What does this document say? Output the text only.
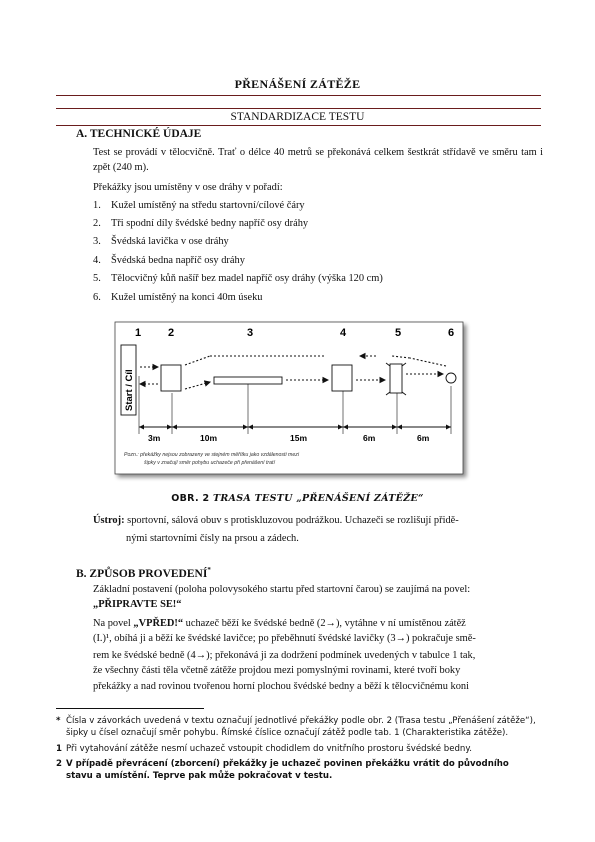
PŘENÁŠENÍ ZÁTĚŽE
STANDARDIZACE TESTU
A. TECHNICKÉ ÚDAJE
Test se provádí v tělocvičně. Trať o délce 40 metrů se překonává celkem šestkrát střídavě ve směru tam i zpět (240 m).
Překážky jsou umístěny v ose dráhy v pořadí:
1. Kužel umístěný na středu startovní/cílové čáry
2. Tři spodní díly švédské bedny napříč osy dráhy
3. Švédská lavička v ose dráhy
4. Švédská bedna napříč osy dráhy
5. Tělocvičný kůň našíř bez madel napříč osy dráhy (výška 120 cm)
6. Kužel umístěný na konci 40m úseku
1 2	3	4	5	6
Start / Cíl
3m	10m	15m	6m	6m
Pozn.: překážky nejsou zobrazeny ve stejném měřítku jako vzdálenosti mezi
šipky v značují směr pohybu uchazeče při přenášení tratí
OBR. 2 TRASA TESTU „PŘENÁŠENÍ ZÁTĚŽE“
Ústroj: sportovní, sálová obuv s protiskluzovou podrážkou. Uchazeči se rozlišují přidě-
nými startovními čísly na prsou a zádech.
B. ZPŮSOB PROVEDENÍ*
Základní postavení (poloha polovysokého startu před startovní čarou) se zaujímá na povel:
„PŘIPRAVTE SE!“
Na povel „VPŘED!“ uchazeč běží ke švédské bedně (2→), vytáhne v ní umístěnou zátěž
(I.)¹, obíhá ji a běží ke švédské lavičce; po přeběhnutí švédské lavičky (3→) pokračuje smě-
rem ke švédské bedně (4→); překonává ji za dodržení podmínek uvedených v tabulce 1 tak,
že všechny části těla včetně zátěže projdou mezi pomyslnými rovinami, které tvoří boky
překážky a nad rovinou tvořenou horní plochou švédské bedny a běží k tělocvičnému koni
* Čísla v závorkách uvedená v textu označují jednotlivé překážky podle obr. 2 (Trasa testu „Přenášení zátěže“), šipky u čísel označují směr pohybu. Římské číslice označují zátěž podle tab. 1 (Charakteristika zátěže).
1 Při vytahování zátěže nesmí uchazeč vstoupit chodidlem do vnitřního prostoru švédské bedny.
2 V případě převrácení (zborcení) překážky je uchazeč povinen překážku vrátit do původního stavu a umístění. Teprve pak může pokračovat v testu.
